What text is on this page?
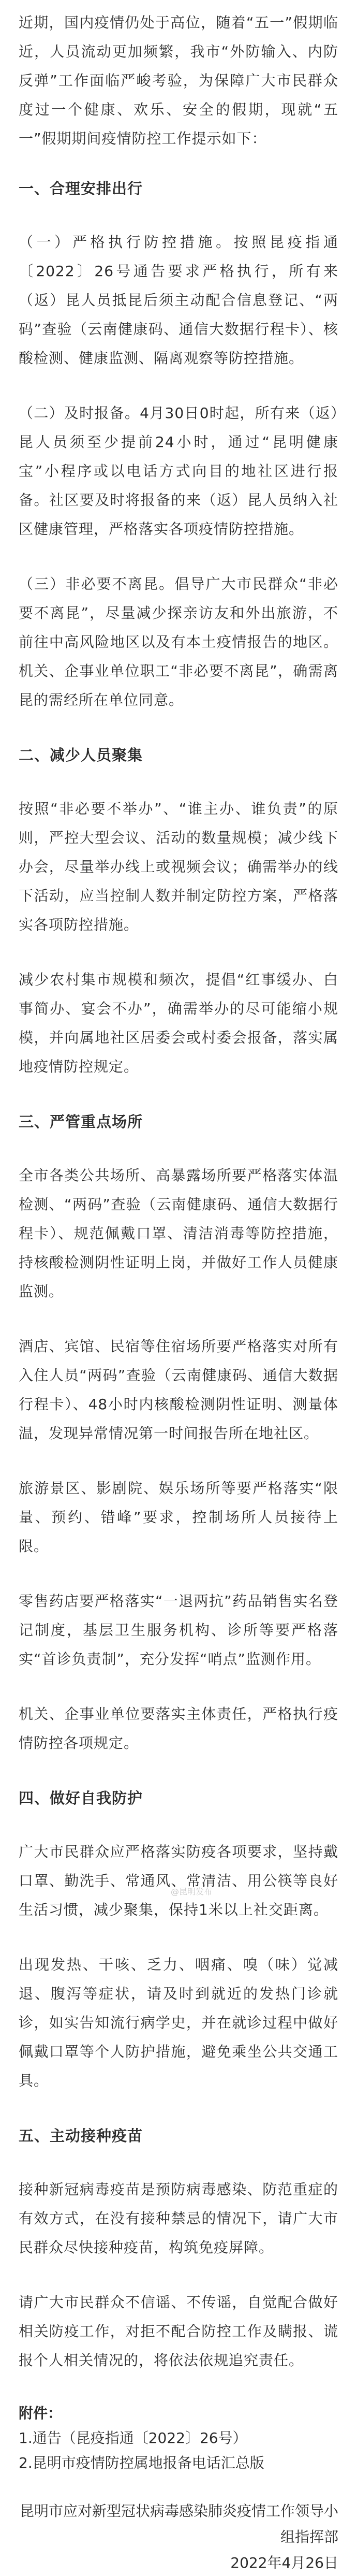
近期，国内疫情仍处于高位，随着“五一”假期临近，人员流动更加频繁，我市“外防输入、内防反弹”工作面临严峻考验，为保障广大市民群众度过一个健康、欢乐、安全的假期，现就“五一”假期期间疫情防控工作提示如下：

一、合理安排出行

（一）严格执行防控措施。按照昆疫指通〔2022〕26号通告要求严格执行，所有来（返）昆人员抵昆后须主动配合信息登记、“两码”查验（云南健康码、通信大数据行程卡）、核酸检测、健康监测、隔离观察等防控措施。

（二）及时报备。4月30日0时起，所有来（返）昆人员须至少提前24小时，通过“昆明健康宝”小程序或以电话方式向目的地社区进行报备。社区要及时将报备的来（返）昆人员纳入社区健康管理，严格落实各项疫情防控措施。

（三）非必要不离昆。倡导广大市民群众“非必要不离昆”，尽量减少探亲访友和外出旅游，不前往中高风险地区以及有本土疫情报告的地区。机关、企事业单位职工“非必要不离昆”，确需离昆的需经所在单位同意。

二、减少人员聚集

按照“非必要不举办”、“谁主办、谁负责”的原则，严控大型会议、活动的数量规模；减少线下办会，尽量举办线上或视频会议；确需举办的线下活动，应当控制人数并制定防控方案，严格落实各项防控措施。

减少农村集市规模和频次，提倡“红事缓办、白事简办、宴会不办”，确需举办的尽可能缩小规模，并向属地社区居委会或村委会报备，落实属地疫情防控规定。

三、严管重点场所

全市各类公共场所、高暴露场所要严格落实体温检测、“两码”查验（云南健康码、通信大数据行程卡）、规范佩戴口罩、清洁消毒等防控措施，持核酸检测阴性证明上岗，并做好工作人员健康监测。

酒店、宾馆、民宿等住宿场所要严格落实对所有入住人员“两码”查验（云南健康码、通信大数据行程卡）、48小时内核酸检测阴性证明、测量体温，发现异常情况第一时间报告所在地社区。

旅游景区、影剧院、娱乐场所等要严格落实“限量、预约、错峰”要求，控制场所人员接待上限。

零售药店要严格落实“一退两抗”药品销售实名登记制度，基层卫生服务机构、诊所等要严格落实“首诊负责制”，充分发挥“哨点”监测作用。

机关、企事业单位要落实主体责任，严格执行疫情防控各项规定。

四、做好自我防护

广大市民群众应严格落实防疫各项要求，坚持戴口罩、勤洗手、常通风、常清洁、用公筷等良好生活习惯，减少聚集，保持1米以上社交距离。

出现发热、干咳、乏力、咽痛、嗅（味）觉减退、腹泻等症状，请及时到就近的发热门诊就诊，如实告知流行病学史，并在就诊过程中做好佩戴口罩等个人防护措施，避免乘坐公共交通工具。

五、主动接种疫苗

接种新冠病毒疫苗是预防病毒感染、防范重症的有效方式，在没有接种禁忌的情况下，请广大市民群众尽快接种疫苗，构筑免疫屏障。

请广大市民群众不信谣、不传谣，自觉配合做好相关防疫工作，对拒不配合防控工作及瞒报、谎报个人相关情况的，将依法依规追究责任。

附件：

1.通告（昆疫指通〔2022〕26号）

2.昆明市疫情防控属地报备电话汇总版

昆明市应对新型冠状病毒感染肺炎疫情工作领导小组指挥部

2022年4月26日

@昆明发布
